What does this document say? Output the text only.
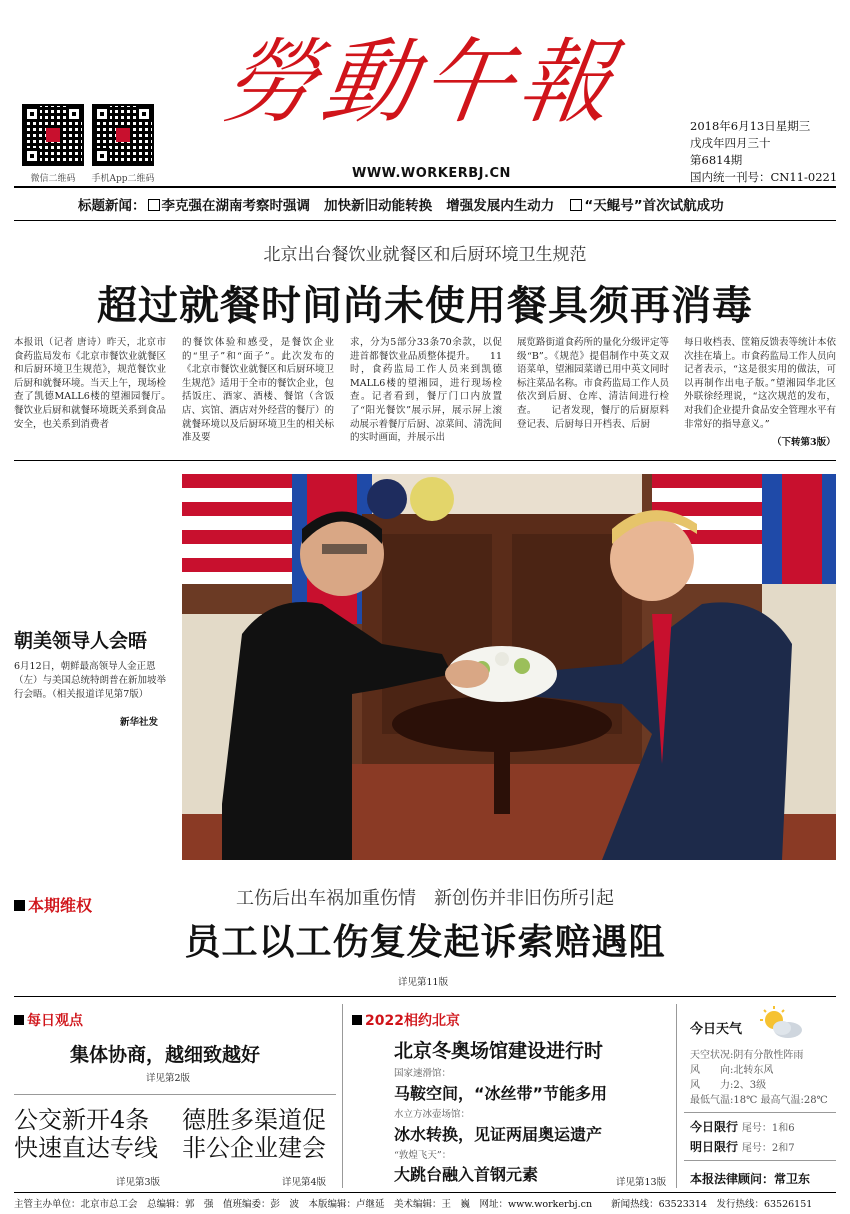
微信二维码	手机App二维码
勞動午報
WWW.WORKERBJ.CN
2018年6月13日星期三
戊戌年四月三十
第6814期
国内统一刊号：CN11-0221
标题新闻： 李克强在湖南考察时强调 加快新旧动能转换 增强发展内生动力 “天鲲号”首次试航成功
北京出台餐饮业就餐区和后厨环境卫生规范
超过就餐时间尚未使用餐具须再消毒
本报讯（记者 唐诗）昨天，北京市食药监局发布《北京市餐饮业就餐区和后厨环境卫生规范》，规范餐饮业后厨和就餐环境。当天上午，现场检查了凯德MALL6楼的望湘园餐厅。　　餐饮业后厨和就餐环境既关系到食品安全，也关系到消费者
的餐饮体验和感受，是餐饮企业的“里子”和“面子”。此次发布的《北京市餐饮业就餐区和后厨环境卫生规范》适用于全市的餐饮企业，包括饭庄、酒家、酒楼、餐馆（含饭店、宾馆、酒店对外经营的餐厅）的就餐环境以及后厨环境卫生的相关标准及要
求，分为5部分33条70余款，以促进首都餐饮业品质整体提升。　　11时，食药监局工作人员来到凯德MALL6楼的望湘园，进行现场检查。记者看到，餐厅门口内放置了“阳光餐饮”展示屏，展示屏上滚动展示着餐厅后厨、凉菜间、清洗间的实时画面，并展示出
展览路街道食药所的量化分级评定等级“B”。《规范》提倡制作中英文双语菜单，望湘园菜谱已用中英文同时标注菜品名称。市食药监局工作人员依次到后厨、仓库、清洁间进行检查。　　记者发现，餐厅的后厨原料登记表、后厨每日开档表、后厨
每日收档表、筐箱反馈表等统计本依次挂在墙上。市食药监局工作人员向记者表示，“这是很实用的做法，可以再制作出电子版。”望湘园华北区外联徐经理说，“这次规范的发布，对我们企业提升食品安全管理水平有非常好的指导意义。”
（下转第3版）
朝美领导人会晤
6月12日，朝鲜最高领导人金正恩（左）与美国总统特朗普在新加坡举行会晤。（相关报道详见第7版）
新华社发
本期维权	工伤后出车祸加重伤情　新创伤并非旧伤所引起
员工以工伤复发起诉索赔遇阻
详见第11版
每日观点
集体协商，越细致越好
详见第2版
公交新开4条
快速直达专线
详见第3版
德胜多渠道促
非公企业建会
详见第4版
2022相约北京
北京冬奥场馆建设进行时
国家速滑馆：
马鞍空间，“冰丝带”节能多用
水立方冰壶场馆：
冰水转换，见证两届奥运遗产
“敦煌飞天”：
大跳台融入首钢元素	详见第13版
今日天气
天空状况:阴有分散性阵雨
风　　向:北转东风
风　　力:2、3级
最低气温:18℃ 最高气温:28℃
今日限行 尾号：1和6
明日限行 尾号：2和7
本报法律顾问：常卫东
主管主办单位：北京市总工会　总编辑：郭　强　值班编委：彭　波　本版编辑：卢继延　美术编辑：王　巍　网址：www.workerbj.cn　　新闻热线：63523314　发行热线：63526151
